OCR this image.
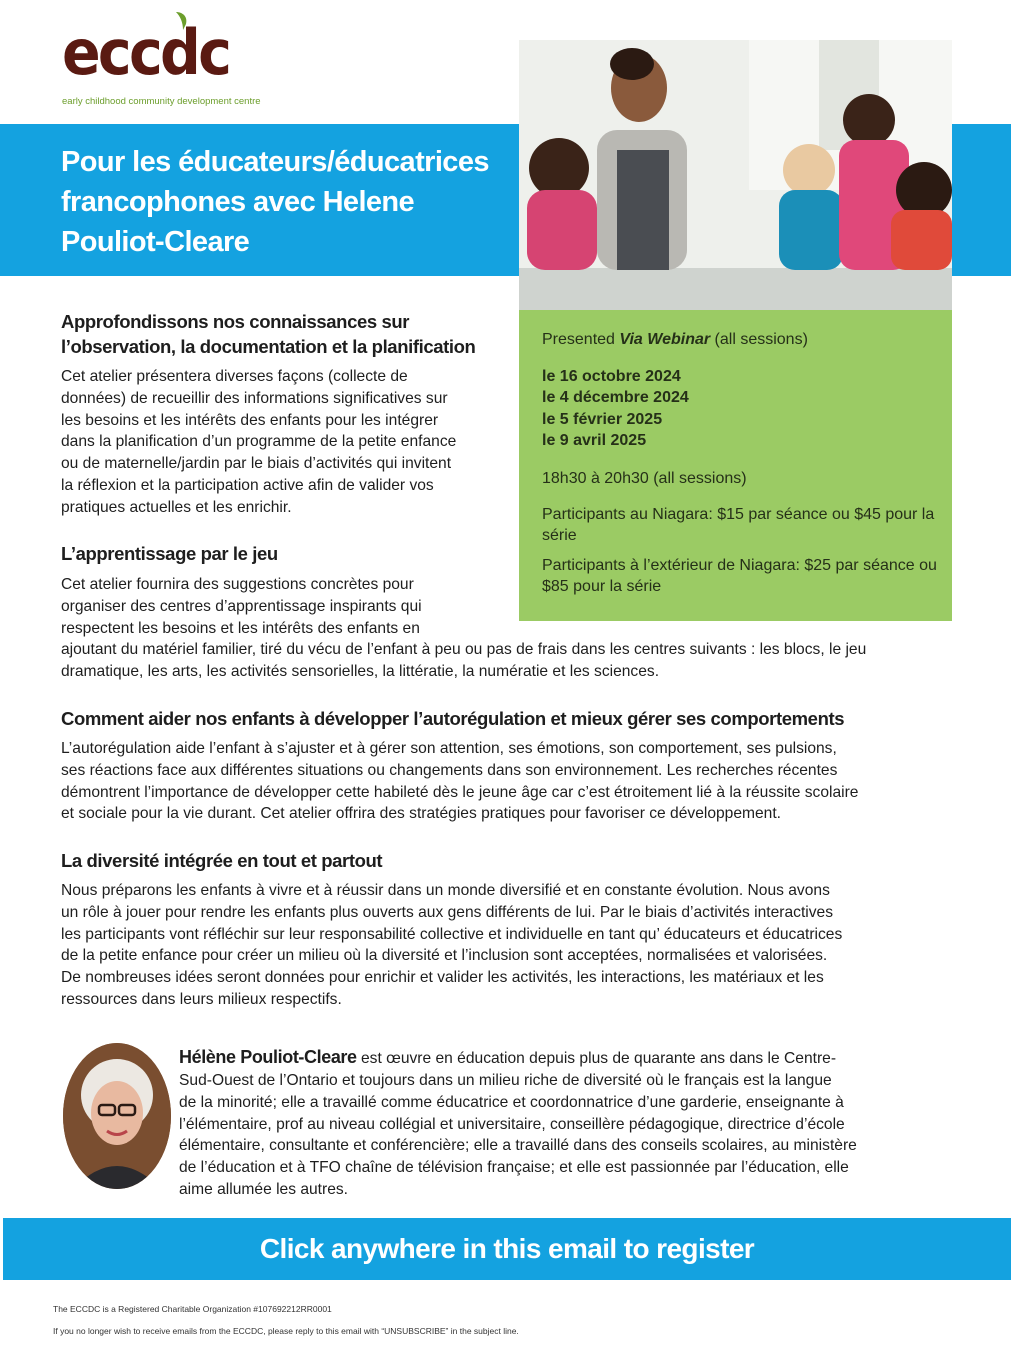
eccdc
early childhood community development centre
Pour les éducateurs/éducatrices francophones avec Helene Pouliot-Cleare
Presented Via Webinar (all sessions)
le 16 octobre 2024
le 4 décembre 2024
le 5 février 2025
le 9 avril 2025
18h30 à 20h30 (all sessions)
Participants au Niagara: $15 par séance ou $45 pour la série
Participants à l’extérieur de Niagara: $25 par séance ou $85 pour la série
Approfondissons nos connaissances sur
l’observation, la documentation et la planification
Cet atelier présentera diverses façons (collecte de
données) de recueillir des informations significatives sur
les besoins et les intérêts des enfants pour les intégrer
dans la planification d’un programme de la petite enfance
ou de maternelle/jardin par le biais d’activités qui invitent
la réflexion et la participation active afin de valider vos
pratiques actuelles et les enrichir.
L’apprentissage par le jeu
Cet atelier fournira des suggestions concrètes pour
organiser des centres d’apprentissage inspirants qui
respectent les besoins et les intérêts des enfants en
ajoutant du matériel familier, tiré du vécu de l’enfant à peu ou pas de frais dans les centres suivants : les blocs, le jeu
dramatique, les arts, les activités sensorielles, la littératie, la numératie et les sciences.
Comment aider nos enfants à développer l’autorégulation et mieux gérer ses comportements
L’autorégulation aide l’enfant à s’ajuster et à gérer son attention, ses émotions, son comportement, ses pulsions,
ses réactions face aux différentes situations ou changements dans son environnement. Les recherches récentes
démontrent l’importance de développer cette habileté dès le jeune âge car c’est étroitement lié à la réussite scolaire
et sociale pour la vie durant. Cet atelier offrira des stratégies pratiques pour favoriser ce développement.
La diversité intégrée en tout et partout
Nous préparons les enfants à vivre et à réussir dans un monde diversifié et en constante évolution. Nous avons
un rôle à jouer pour rendre les enfants plus ouverts aux gens différents de lui. Par le biais d’activités interactives
les participants vont réfléchir sur leur responsabilité collective et individuelle en tant qu’ éducateurs et éducatrices
de la petite enfance pour créer un milieu où la diversité et l’inclusion sont acceptées, normalisées et valorisées.
De nombreuses idées seront données pour enrichir et valider les activités, les interactions, les matériaux et les
ressources dans leurs milieux respectifs.
Hélène Pouliot-Cleare est œuvre en éducation depuis plus de quarante ans dans le Centre-
Sud-Ouest de l’Ontario et toujours dans un milieu riche de diversité où le français est la langue
de la minorité; elle a travaillé comme éducatrice et coordonnatrice d’une garderie, enseignante à
l’élémentaire, prof au niveau collégial et universitaire, conseillère pédagogique, directrice d’école
élémentaire, consultante et conférencière; elle a travaillé dans des conseils scolaires, au ministère
de l’éducation et à TFO chaîne de télévision française; et elle est passionnée par l’éducation, elle
aime allumée les autres.
Click anywhere in this email to register
The ECCDC is a Registered Charitable Organization #107692212RR0001
If you no longer wish to receive emails from the ECCDC, please reply to this email with “UNSUBSCRIBE” in the subject line.
